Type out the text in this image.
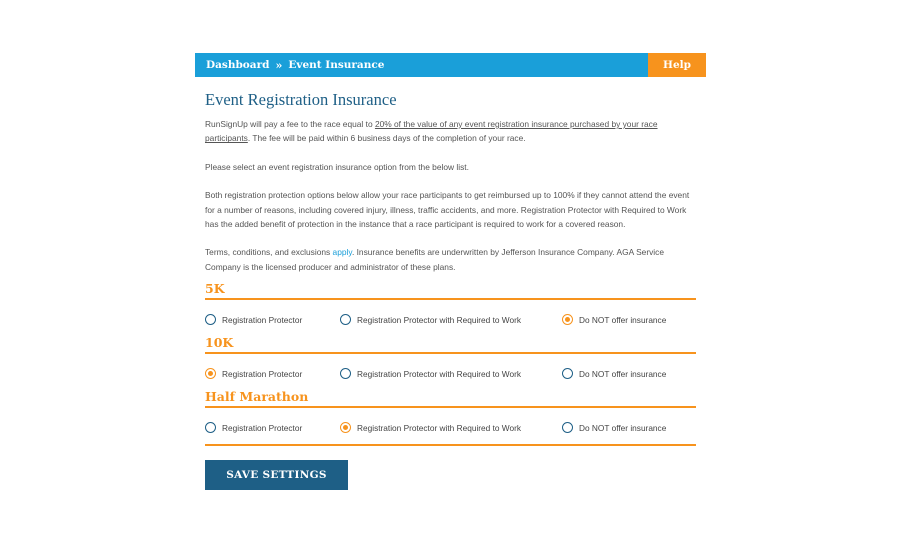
Dashboard » Event Insurance	Help
Event Registration Insurance

RunSignUp will pay a fee to the race equal to 20% of the value of any event registration insurance purchased by your race participants. The fee will be paid within 6 business days of the completion of your race.

Please select an event registration insurance option from the below list.

Both registration protection options below allow your race participants to get reimbursed up to 100% if they cannot attend the event for a number of reasons, including covered injury, illness, traffic accidents, and more. Registration Protector with Required to Work has the added benefit of protection in the instance that a race participant is required to work for a covered reason.

Terms, conditions, and exclusions apply. Insurance benefits are underwritten by Jefferson Insurance Company. AGA Service Company is the licensed producer and administrator of these plans.

5K
Registration Protector	Registration Protector with Required to Work	Do NOT offer insurance
10K
Registration Protector	Registration Protector with Required to Work	Do NOT offer insurance
Half Marathon
Registration Protector	Registration Protector with Required to Work	Do NOT offer insurance
SAVE SETTINGS
